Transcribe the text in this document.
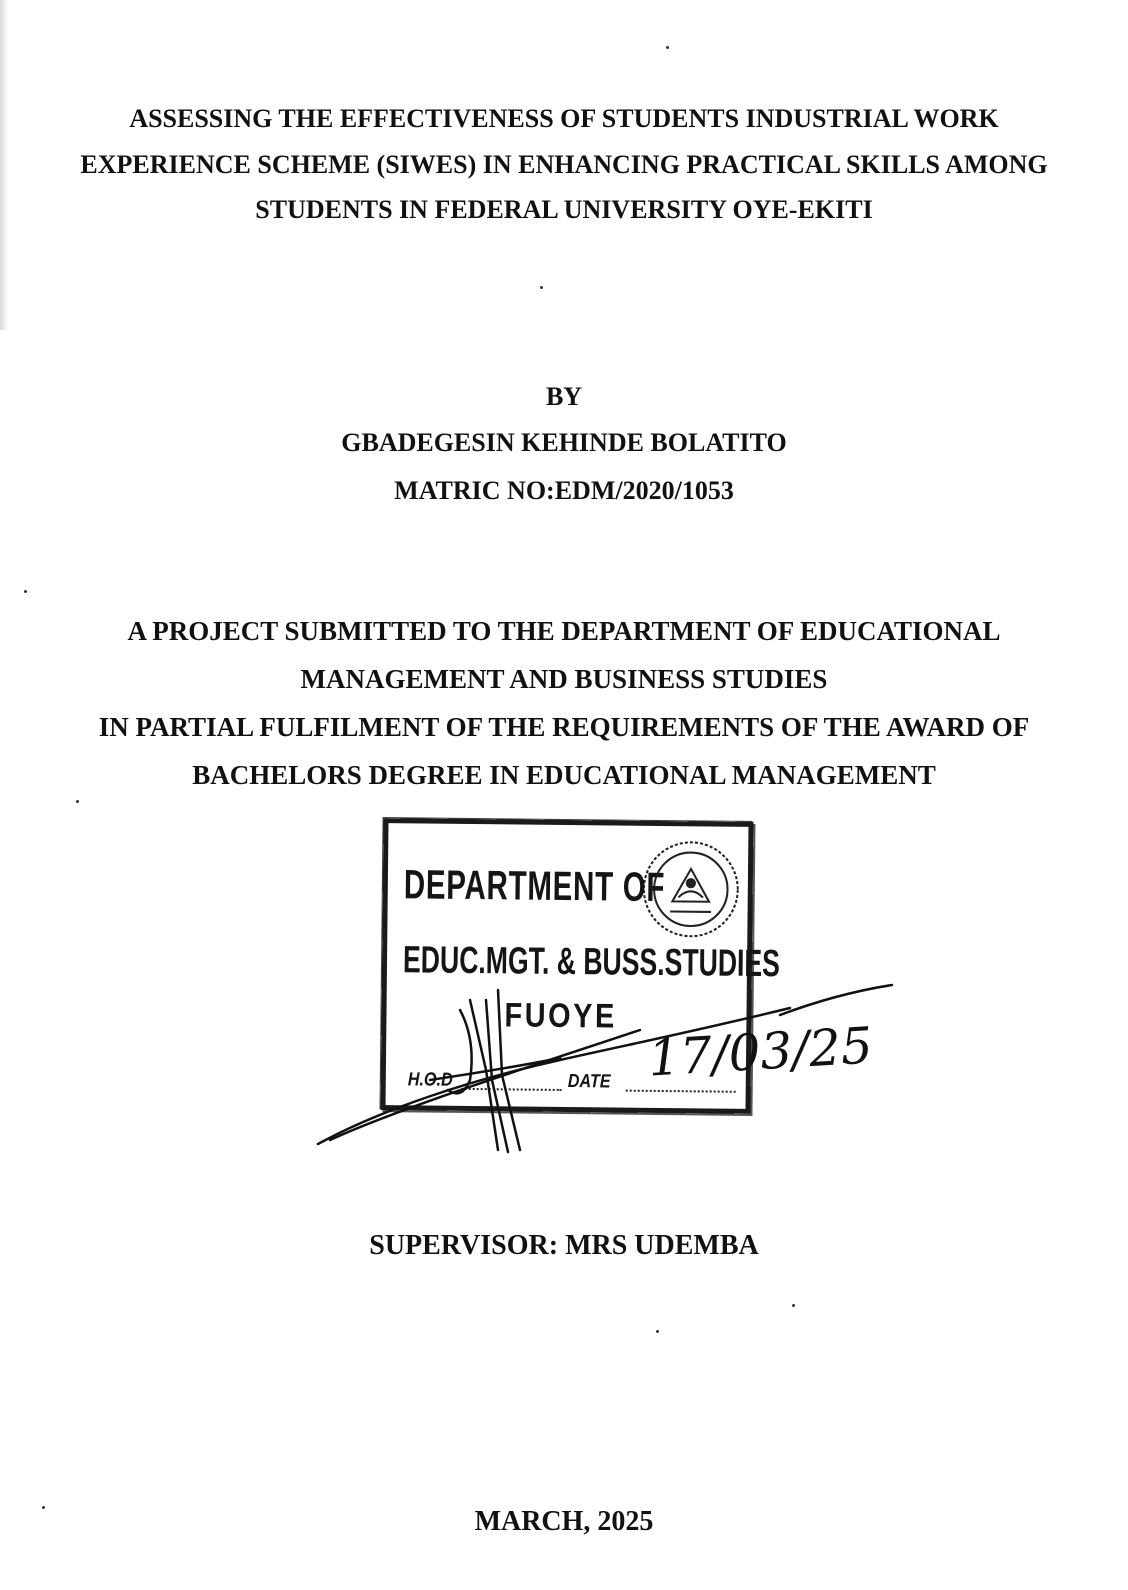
ASSESSING THE EFFECTIVENESS OF STUDENTS INDUSTRIAL WORK
EXPERIENCE SCHEME (SIWES) IN ENHANCING PRACTICAL SKILLS AMONG
STUDENTS IN FEDERAL UNIVERSITY OYE-EKITI
BY
GBADEGESIN KEHINDE BOLATITO
MATRIC NO:EDM/2020/1053
A PROJECT SUBMITTED TO THE DEPARTMENT OF EDUCATIONAL
MANAGEMENT AND BUSINESS STUDIES
IN PARTIAL FULFILMENT OF THE REQUIREMENTS OF THE AWARD OF
BACHELORS DEGREE IN EDUCATIONAL MANAGEMENT
DEPARTMENT OF
EDUC.MGT. & BUSS.STUDIES
FUOYE
H.O.D	DATE 17/03/25
SUPERVISOR: MRS UDEMBA
MARCH, 2025
